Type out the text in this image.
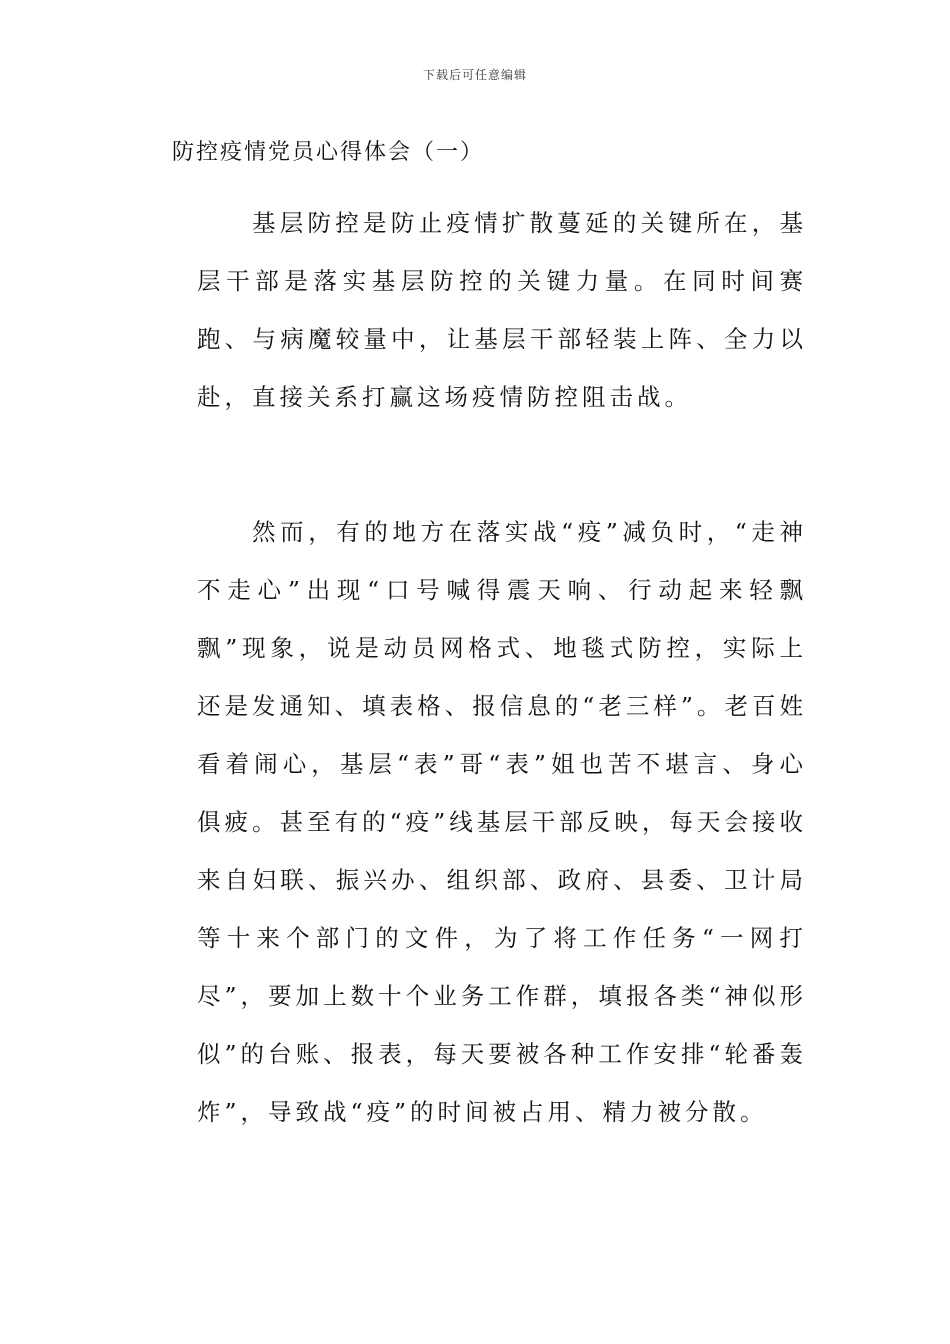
下载后可任意编辑
防控疫情党员心得体会（一）

基层防控是防止疫情扩散蔓延的关键所在，基层干部是落实基层防控的关键力量。在同时间赛跑、与病魔较量中，让基层干部轻装上阵、全力以赴，直接关系打赢这场疫情防控阻击战。

然而，有的地方在落实战“疫”减负时，“走神不走心”出现“口号喊得震天响、行动起来轻飘飘”现象，说是动员网格式、地毯式防控，实际上还是发通知、填表格、报信息的“老三样”。老百姓看着闹心，基层“表”哥“表”姐也苦不堪言、身心俱疲。甚至有的“疫”线基层干部反映，每天会接收来自妇联、振兴办、组织部、政府、县委、卫计局等十来个部门的文件，为了将工作任务“一网打尽”，要加上数十个业务工作群，填报各类“神似形似”的台账、报表，每天要被各种工作安排“轮番轰炸”，导致战“疫”的时间被占用、精力被分散。
